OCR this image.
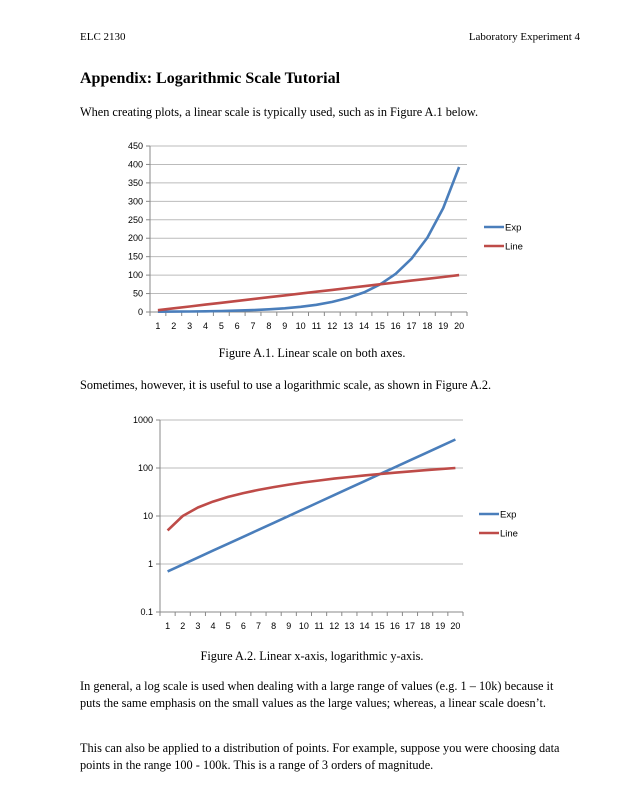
ELC 2130	Laboratory Experiment 4
Appendix: Logarithmic Scale Tutorial
When creating plots, a linear scale is typically used, such as in Figure A.1 below.
Figure A.1. Linear scale on both axes.
Sometimes, however, it is useful to use a logarithmic scale, as shown in Figure A.2.
Figure A.2. Linear x-axis, logarithmic y-axis.
In general, a log scale is used when dealing with a large range of values (e.g. 1 – 10k) because it puts the same emphasis on the small values as the large values; whereas, a linear scale doesn’t.
This can also be applied to a distribution of points. For example, suppose you were choosing data points in the range 100 - 100k. This is a range of 3 orders of magnitude.
0
50
100
150
200
250
300
350
400
450
1 2 3 4 5 6 7 8 9 10 11 12 13 14 15 16 17 18 19 20
Exp
Line
0.1
1
10
100
1000
1 2 3 4 5 6 7 8 9 10 11 12 13 14 15 16 17 18 19 20
Exp
Line
